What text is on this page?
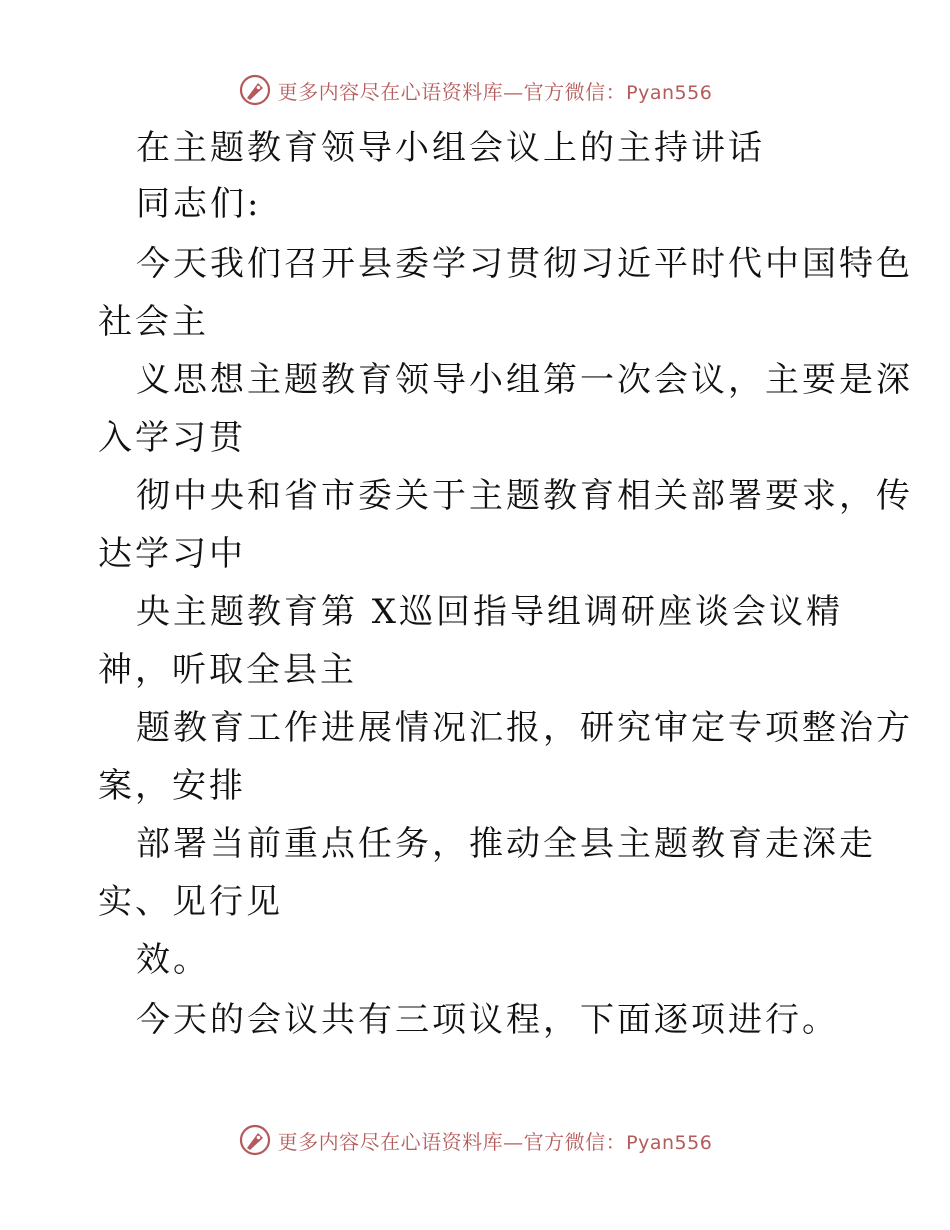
更多内容尽在心语资料库—官方微信：Pyan556
在主题教育领导小组会议上的主持讲话
同志们:
今天我们召开县委学习贯彻习近平时代中国特色
社会主
义思想主题教育领导小组第一次会议，主要是深
入学习贯
彻中央和省市委关于主题教育相关部署要求，传
达学习中
央主题教育第 X巡回指导组调研座谈会议精
神，听取全县主
题教育工作进展情况汇报，研究审定专项整治方
案，安排
部署当前重点任务，推动全县主题教育走深走
实、见行见
效。
今天的会议共有三项议程，下面逐项进行。
更多内容尽在心语资料库—官方微信：Pyan556
